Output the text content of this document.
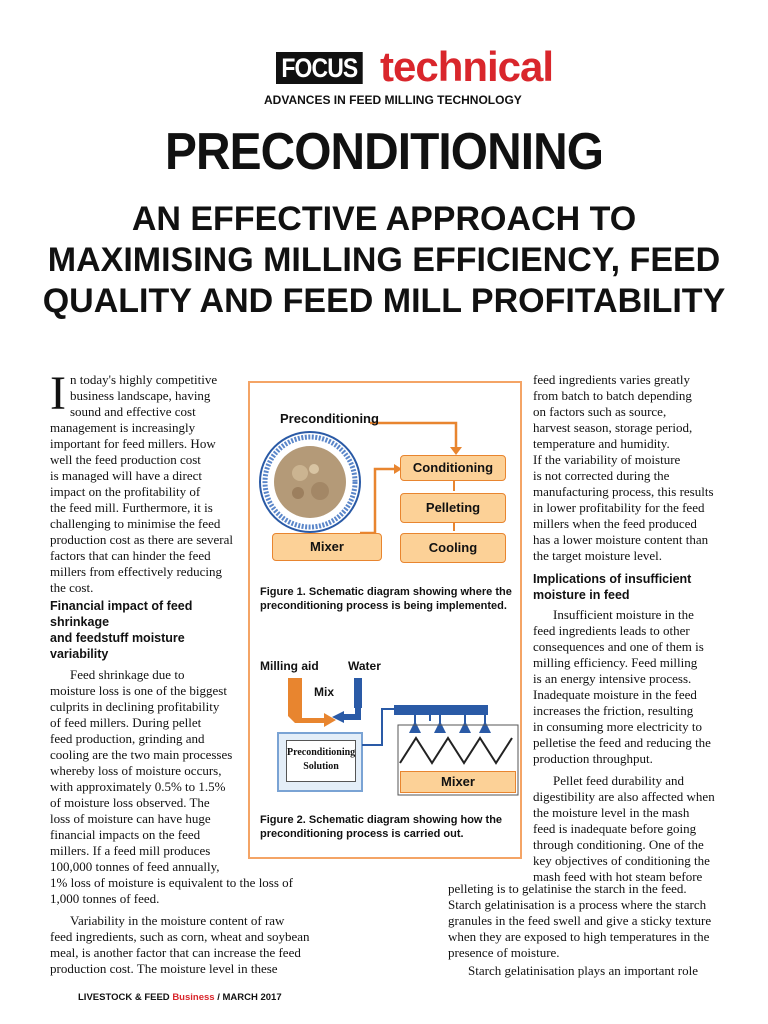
FOCUS technical
ADVANCES IN FEED MILLING TECHNOLOGY
PRECONDITIONING
AN EFFECTIVE APPROACH TO MAXIMISING MILLING EFFICIENCY, FEED QUALITY AND FEED MILL PROFITABILITY
I n today's highly competitive
business landscape, having
sound and effective cost
management is increasingly
important for feed millers. How
well the feed production cost
is managed will have a direct
impact on the profitability of
the feed mill. Furthermore, it is
challenging to minimise the feed
production cost as there are several
factors that can hinder the feed
millers from effectively reducing
the cost.
Financial impact of feed
shrinkage
and feedstuff moisture
variability
Feed shrinkage due to
moisture loss is one of the biggest
culprits in declining profitability
of feed millers. During pellet
feed production, grinding and
cooling are the two main processes
whereby loss of moisture occurs,
with approximately 0.5% to 1.5%
of moisture loss observed. The
loss of moisture can have huge
financial impacts on the feed
millers. If a feed mill produces
100,000 tonnes of feed annually,
1% loss of moisture is equivalent to the loss of
1,000 tonnes of feed.
Variability in the moisture content of raw
feed ingredients, such as corn, wheat and soybean
meal, is another factor that can increase the feed
production cost. The moisture level in these
Preconditioning
Conditioning
Pelleting
Mixer	Cooling
Figure 1. Schematic diagram showing where the preconditioning process is being implemented.
Milling aid Water
Mix
Preconditioning
Solution
Mixer
Figure 2. Schematic diagram showing how the preconditioning process is carried out.
feed ingredients varies greatly
from batch to batch depending
on factors such as source,
harvest season, storage period,
temperature and humidity.
If the variability of moisture
is not corrected during the
manufacturing process, this results
in lower profitability for the feed
millers when the feed produced
has a lower moisture content than
the target moisture level.
Implications of insufficient
moisture in feed
Insufficient moisture in the
feed ingredients leads to other
consequences and one of them is
milling efficiency. Feed milling
is an energy intensive process.
Inadequate moisture in the feed
increases the friction, resulting
in consuming more electricity to
pelletise the feed and reducing the
production throughput.
Pellet feed durability and
digestibility are also affected when
the moisture level in the mash
feed is inadequate before going
through conditioning. One of the
key objectives of conditioning the
mash feed with hot steam before
pelleting is to gelatinise the starch in the feed.
Starch gelatinisation is a process where the starch
granules in the feed swell and give a sticky texture
when they are exposed to high temperatures in the
presence of moisture.
Starch gelatinisation plays an important role
LIVESTOCK & FEED Business / MARCH 2017
